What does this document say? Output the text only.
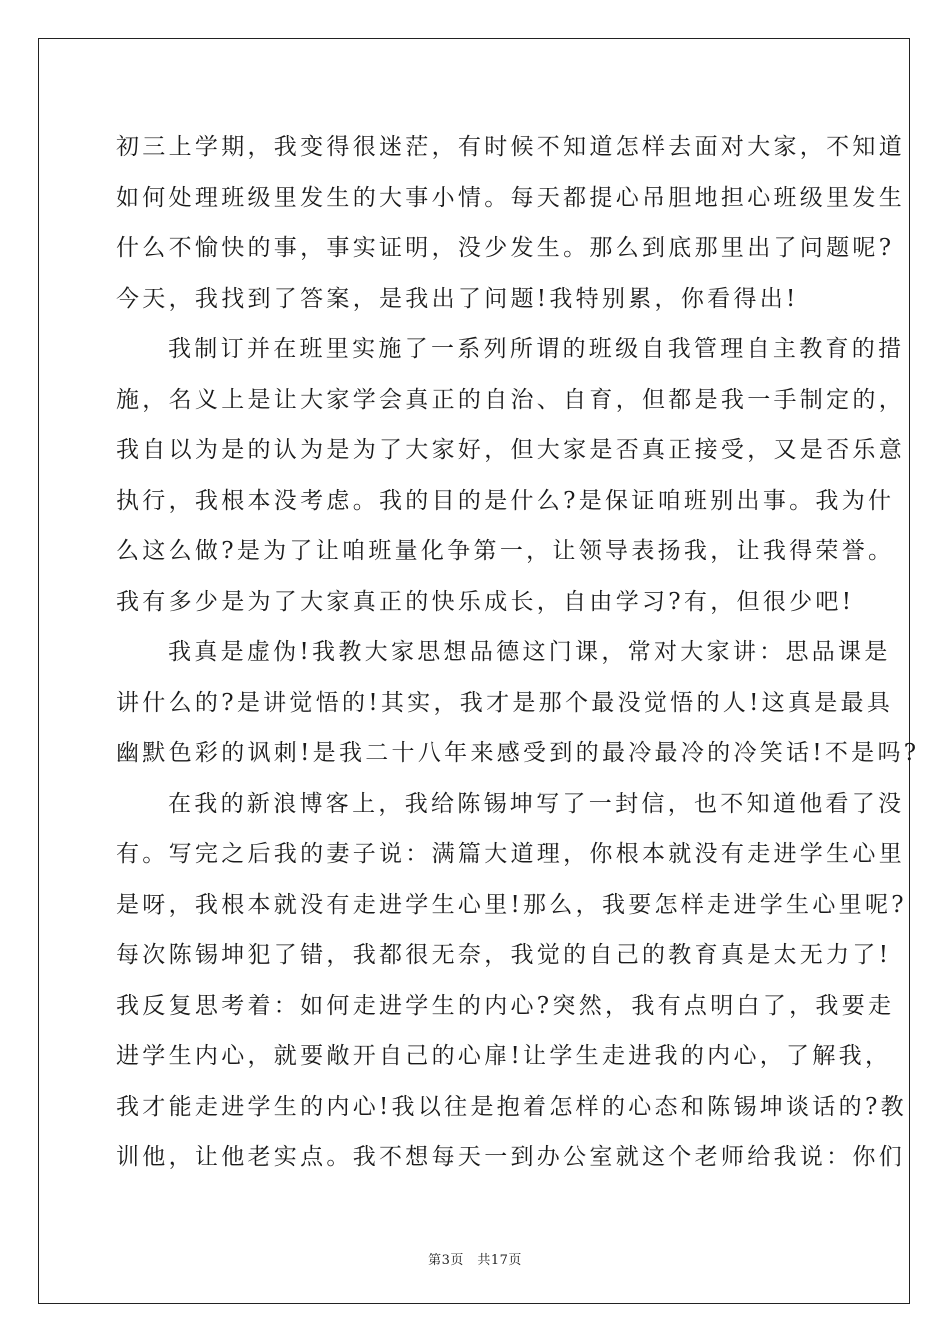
初三上学期，我变得很迷茫，有时候不知道怎样去面对大家，不知道
如何处理班级里发生的大事小情。每天都提心吊胆地担心班级里发生
什么不愉快的事，事实证明，没少发生。那么到底那里出了问题呢?
今天，我找到了答案，是我出了问题!我特别累，你看得出!
我制订并在班里实施了一系列所谓的班级自我管理自主教育的措
施，名义上是让大家学会真正的自治、自育，但都是我一手制定的，
我自以为是的认为是为了大家好，但大家是否真正接受，又是否乐意
执行，我根本没考虑。我的目的是什么?是保证咱班别出事。我为什
么这么做?是为了让咱班量化争第一，让领导表扬我，让我得荣誉。
我有多少是为了大家真正的快乐成长，自由学习?有，但很少吧!
我真是虚伪!我教大家思想品德这门课，常对大家讲：思品课是
讲什么的?是讲觉悟的!其实，我才是那个最没觉悟的人!这真是最具
幽默色彩的讽刺!是我二十八年来感受到的最冷最冷的冷笑话!不是吗?
在我的新浪博客上，我给陈锡坤写了一封信，也不知道他看了没
有。写完之后我的妻子说：满篇大道理，你根本就没有走进学生心里
是呀，我根本就没有走进学生心里!那么，我要怎样走进学生心里呢?
每次陈锡坤犯了错，我都很无奈，我觉的自己的教育真是太无力了!
我反复思考着：如何走进学生的内心?突然，我有点明白了，我要走
进学生内心，就要敞开自己的心扉!让学生走进我的内心，了解我，
我才能走进学生的内心!我以往是抱着怎样的心态和陈锡坤谈话的?教
训他，让他老实点。我不想每天一到办公室就这个老师给我说：你们
第3页　共17页
